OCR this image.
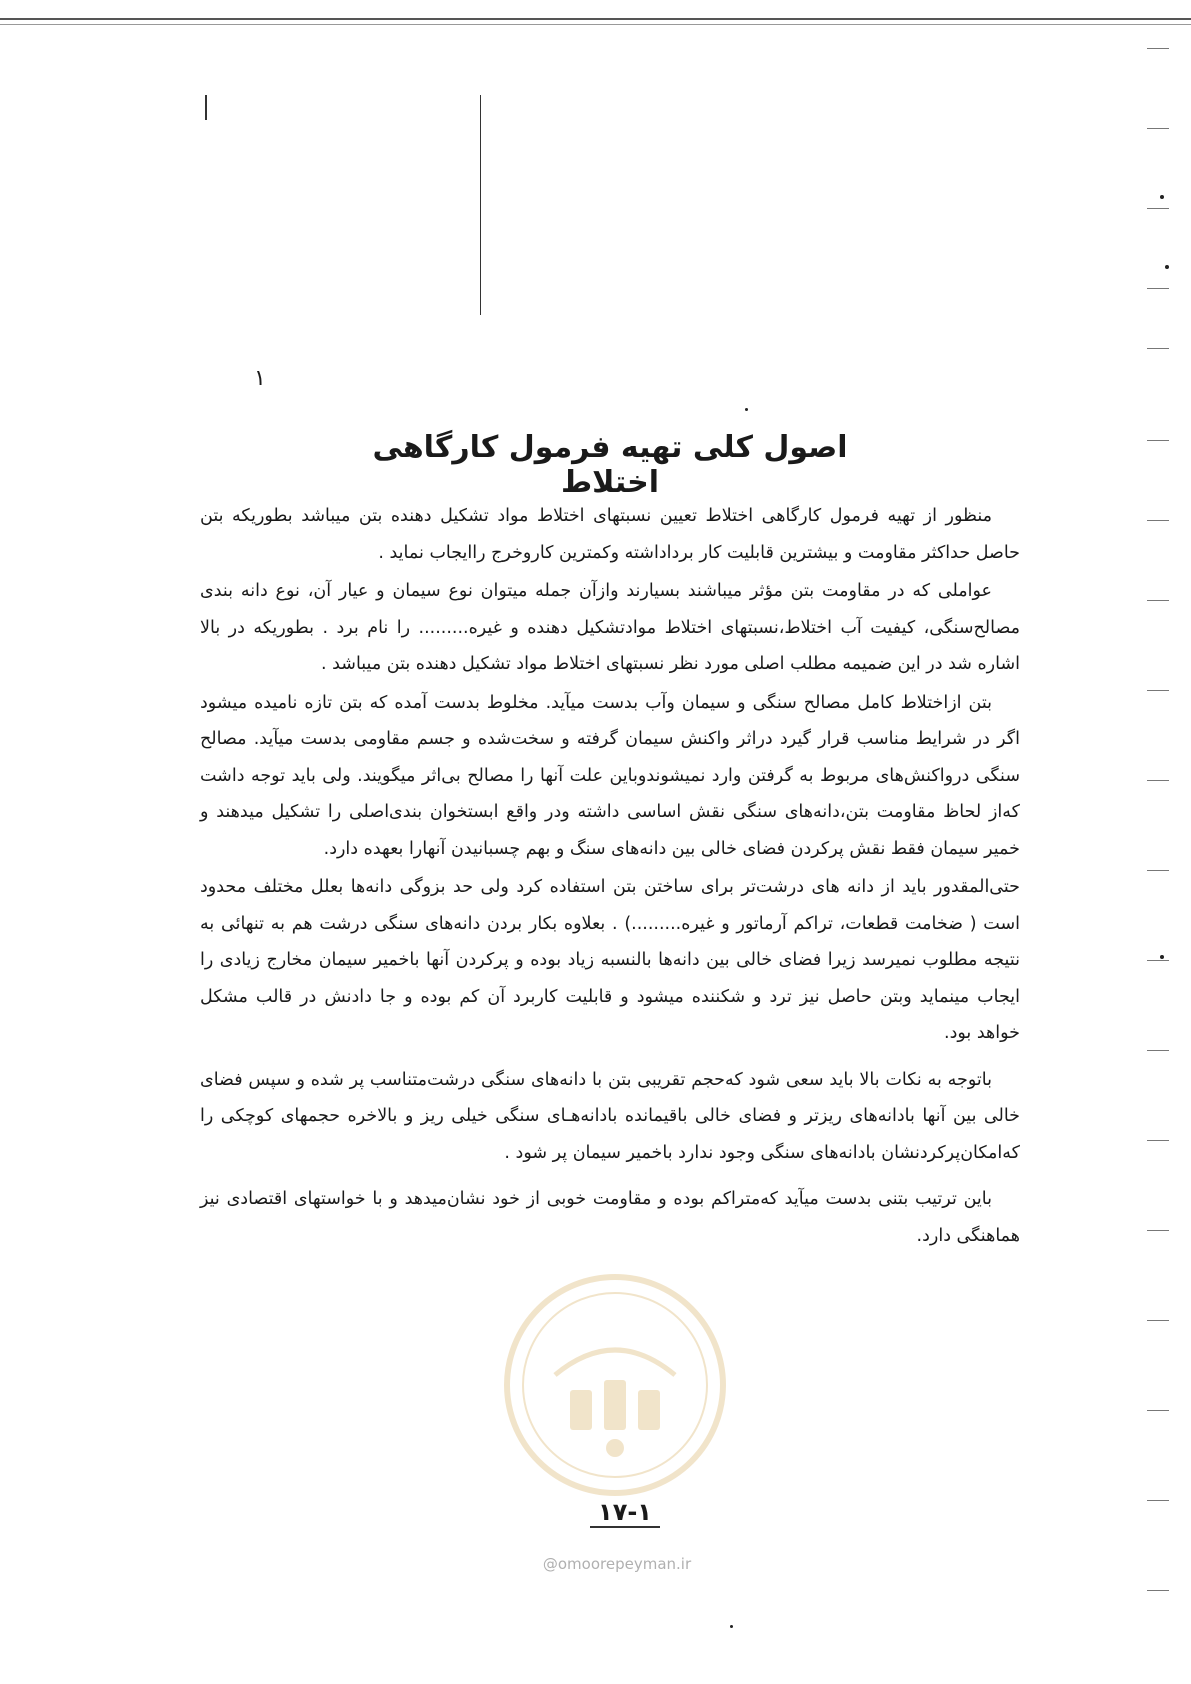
۱
اصول کلی تهیه فرمول کارگاهی اختلاط

منظور از تهیه فرمول کارگاهی اختلاط تعیین نسبتهای اختلاط مواد تشکیل دهنده بتن میباشد بطوریکه بتن حاصل حداکثر مقاومت و بیشترین قابلیت کار برداداشته وکمترین کاروخرج راایجاب نماید .

عواملی که در مقاومت بتن مؤثر میباشند بسیارند وازآن جمله میتوان نوع سیمان و عیار آن، نوع دانه بندی مصالح‌سنگی، کیفیت آب اختلاط،نسبتهای اختلاط موادتشکیل دهنده و غیره......... را نام برد . بطوریکه در بالا اشاره شد در این ضمیمه مطلب اصلی مورد نظر نسبتهای اختلاط مواد تشکیل دهنده بتن میباشد .

بتن ازاختلاط کامل مصالح سنگی و سیمان وآب بدست میآید. مخلوط بدست آمده که بتن تازه نامیده میشود اگر در شرایط مناسب قرار گیرد دراثر واکنش سیمان گرفته و سخت‌شده و جسم مقاومی بدست میآید. مصالح سنگی درواکنش‌های مربوط به گرفتن وارد نمیشوندوباین علت آنها را مصالح بی‌اثر میگویند. ولی باید توجه داشت که‌از لحاظ مقاومت بتن‌،دانه‌های سنگی نقش اساسی داشته ودر واقع ابستخوان بندی‌اصلی را تشکیل میدهند و خمیر سیمان فقط نقش پرکردن فضای خالی بین دانه‌های سنگ و بهم چسبانیدن آنهارا بعهده دارد.

حتی‌المقدور باید از دانه های درشت‌تر برای ساختن بتن استفاده کرد ولی حد بزوگی دانه‌ها بعلل مختلف محدود است ( ضخامت قطعات، تراکم آرماتور و غیره.........) . بعلاوه بکار بردن دانه‌های سنگی درشت هم به تنهائی به نتیجه مطلوب نمیرسد زیرا فضای خالی بین دانه‌ها بالنسبه زیاد بوده و پرکردن آنها باخمیر سیمان مخارج زیادی را ایجاب مینماید وبتن حاصل نیز ترد و شکننده میشود و قابلیت کاربرد آن کم بوده و جا دادنش در قالب مشکل خواهد بود.

باتوجه به نکات بالا باید سعی شود که‌حجم تقریبی بتن با دانه‌های سنگی درشت‌متناسب پر شده و سپس فضای خالی بین آنها بادانه‌های ریزتر و فضای خالی باقیمانده بادانه‌هـای سنگی خیلی ریز و بالاخره حجمهای کوچکی را که‌امکان‌پرکردنشان بادانه‌های سنگی وجود ندارد باخمیر سیمان پر شود .

باین ترتیب بتنی بدست میآید که‌متراکم بوده و مقاومت خوبی از خود نشان‌میدهد و با خواستهای اقتصادی نیز هماهنگی دارد.

@omoorepeyman.ir
۱۷-۱
